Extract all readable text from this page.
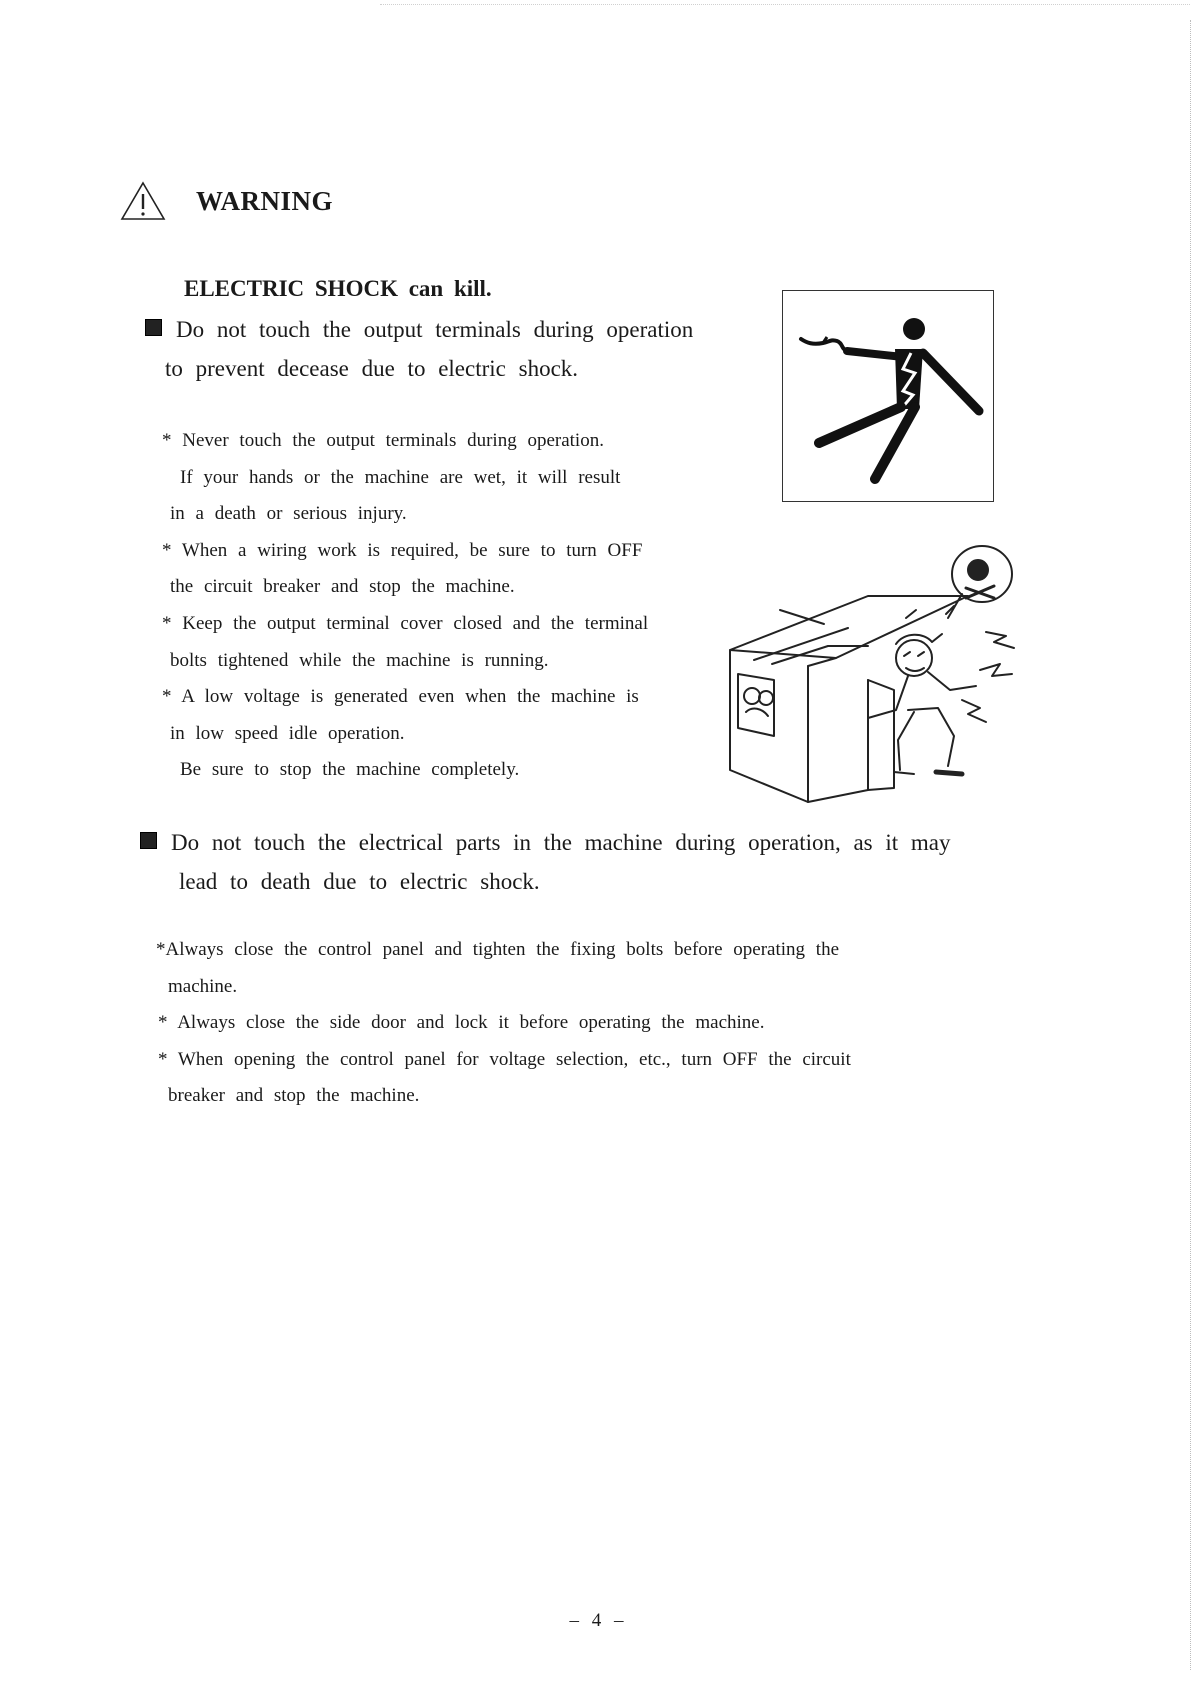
WARNING
ELECTRIC SHOCK can kill.
Do not touch the output terminals during operation
to prevent decease due to electric shock.
* Never touch the output terminals during operation.
If your hands or the machine are wet, it will result
in a death or serious injury.
* When a wiring work is required, be sure to turn OFF
the circuit breaker and stop the machine.
* Keep the output terminal cover closed and the terminal
bolts tightened while the machine is running.
* A low voltage is generated even when the machine is
in low speed idle operation.
Be sure to stop the machine completely.
Do not touch the electrical parts in the machine during operation, as it may
lead to death due to electric shock.
*Always close the control panel and tighten the fixing bolts before operating the
machine.
* Always close the side door and lock it before operating the machine.
* When opening the control panel for voltage selection, etc., turn OFF the circuit
breaker and stop the machine.
– 4 –
